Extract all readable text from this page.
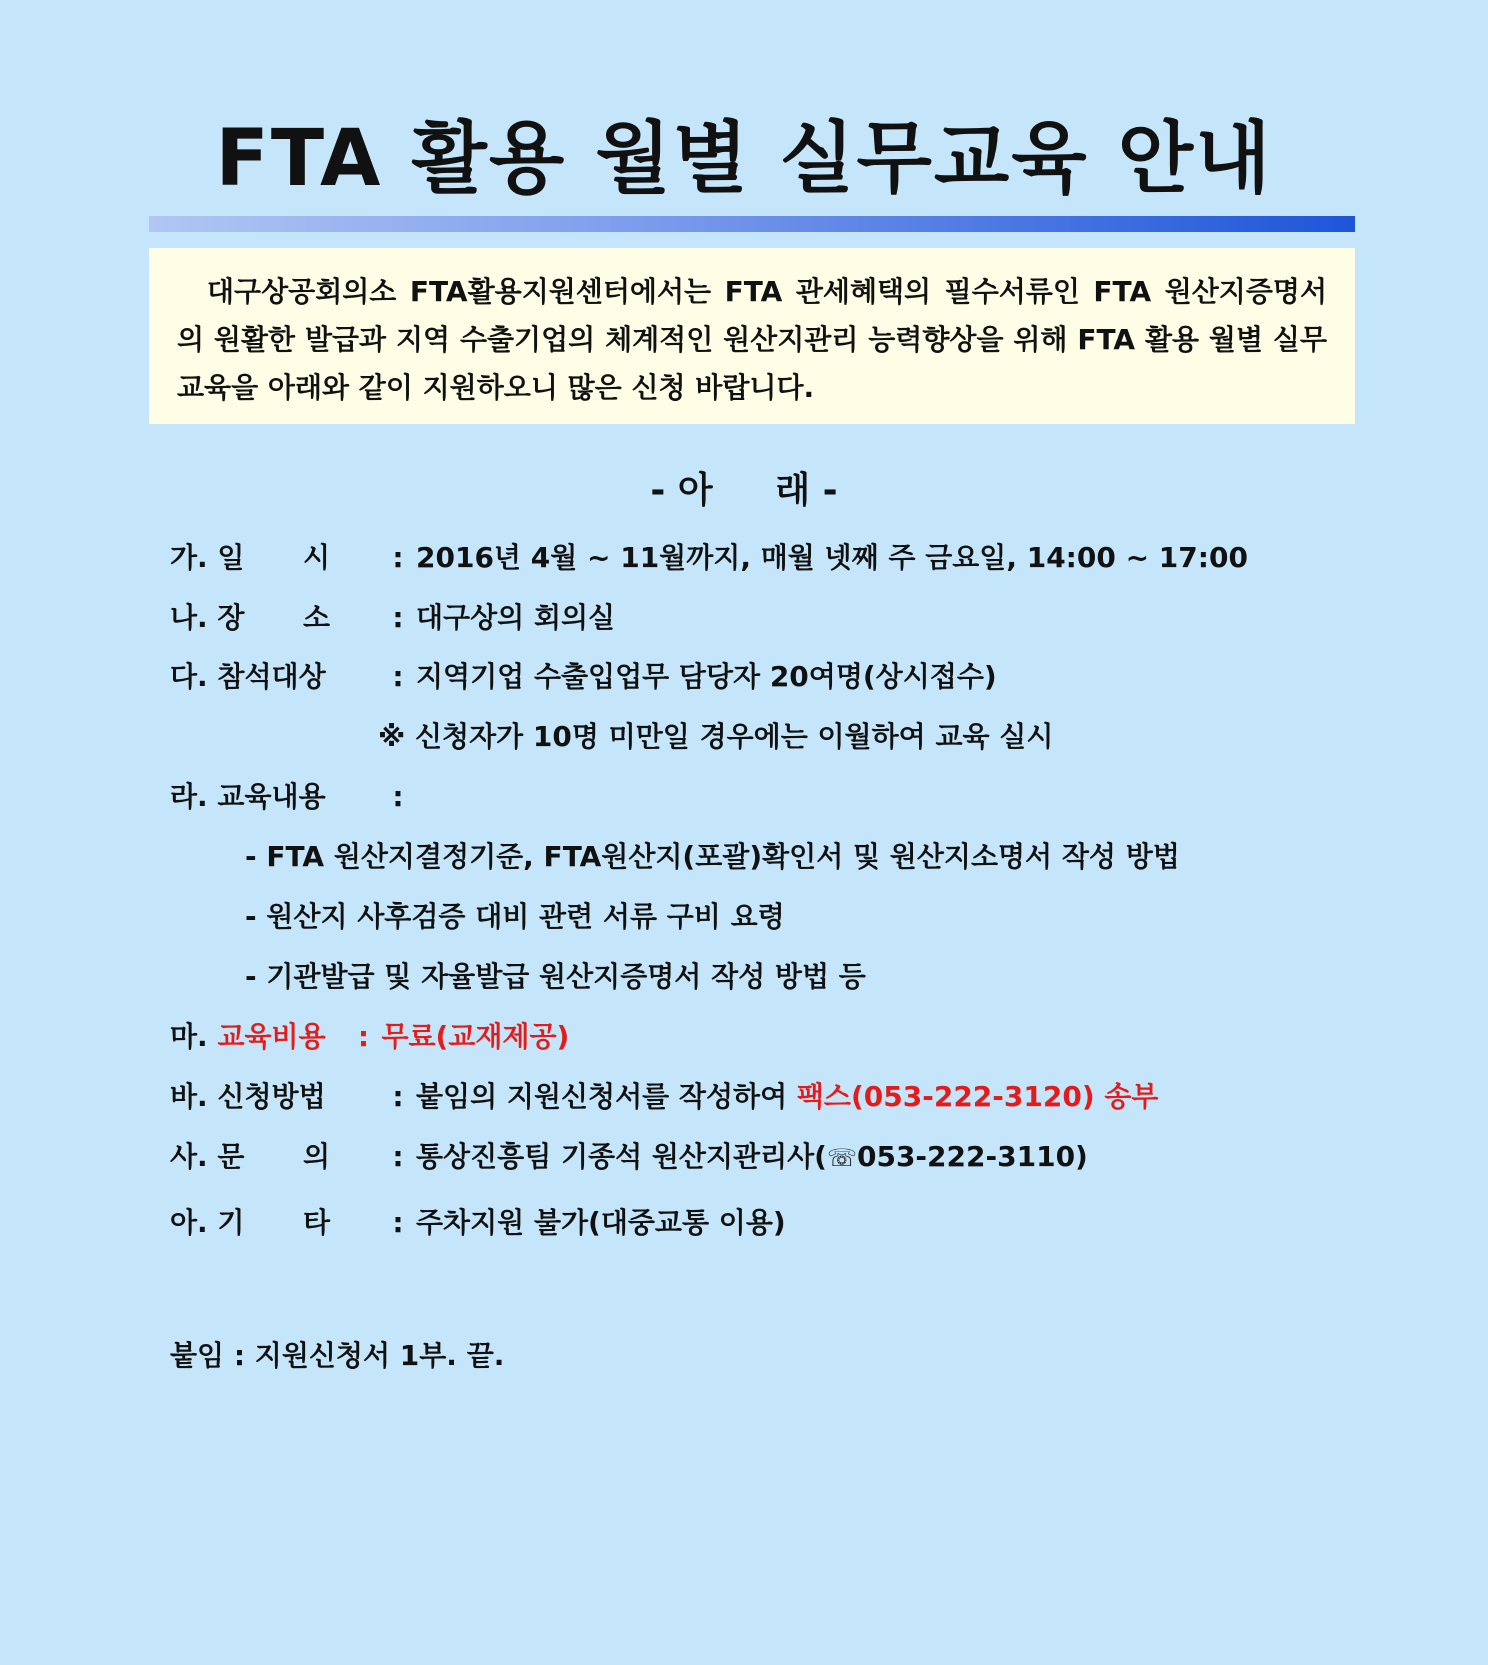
FTA 활용 월별 실무교육 안내
대구상공회의소 FTA활용지원센터에서는 FTA 관세혜택의 필수서류인 FTA 원산지증명서의 원활한 발급과 지역 수출기업의 체계적인 원산지관리 능력향상을 위해 FTA 활용 월별 실무교육을 아래와 같이 지원하오니 많은 신청 바랍니다.
- 아     래 -
가. 일      시 : 2016년 4월 ~ 11월까지, 매월 넷째 주 금요일, 14:00 ~ 17:00
나. 장      소 : 대구상의 회의실
다. 참석대상 : 지역기업 수출입업무 담당자 20여명(상시접수)
※ 신청자가 10명 미만일 경우에는 이월하여 교육 실시
라. 교육내용 :
- FTA 원산지결정기준, FTA원산지(포괄)확인서 및 원산지소명서 작성 방법
- 원산지 사후검증 대비 관련 서류 구비 요령
- 기관발급 및 자율발급 원산지증명서 작성 방법 등
마. 교육비용 : 무료(교재제공)
바. 신청방법 : 붙임의 지원신청서를 작성하여 팩스(053-222-3120) 송부
사. 문      의 : 통상진흥팀 기종석 원산지관리사(☏053-222-3110)
아. 기      타 : 주차지원 불가(대중교통 이용)
붙임 : 지원신청서 1부. 끝.
